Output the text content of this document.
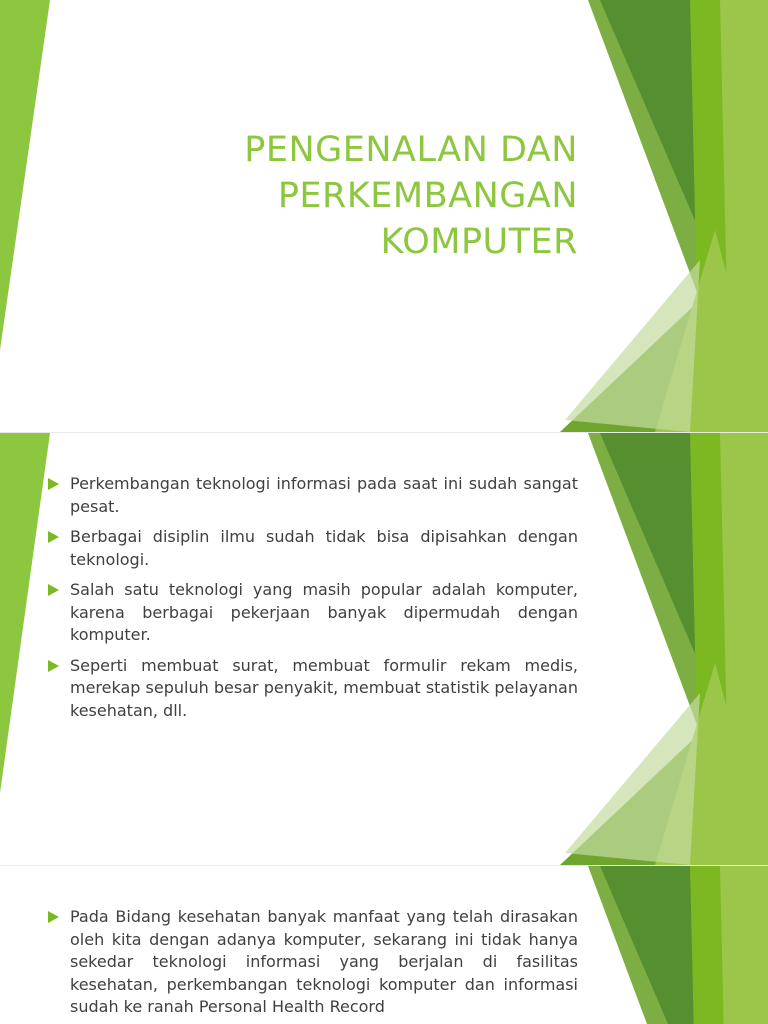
PENGENALAN DAN
PERKEMBANGAN
KOMPUTER
Perkembangan teknologi informasi pada saat ini sudah sangat pesat.
Berbagai disiplin ilmu sudah tidak bisa dipisahkan dengan teknologi.
Salah satu teknologi yang masih popular adalah komputer, karena berbagai pekerjaan banyak dipermudah dengan komputer.
Seperti membuat surat, membuat formulir rekam medis, merekap sepuluh besar penyakit, membuat statistik pelayanan kesehatan, dll.
Pada Bidang kesehatan banyak manfaat yang telah dirasakan oleh kita dengan adanya komputer, sekarang ini tidak hanya sekedar teknologi informasi yang berjalan di fasilitas kesehatan, perkembangan teknologi komputer dan informasi sudah ke ranah Personal Health Record
